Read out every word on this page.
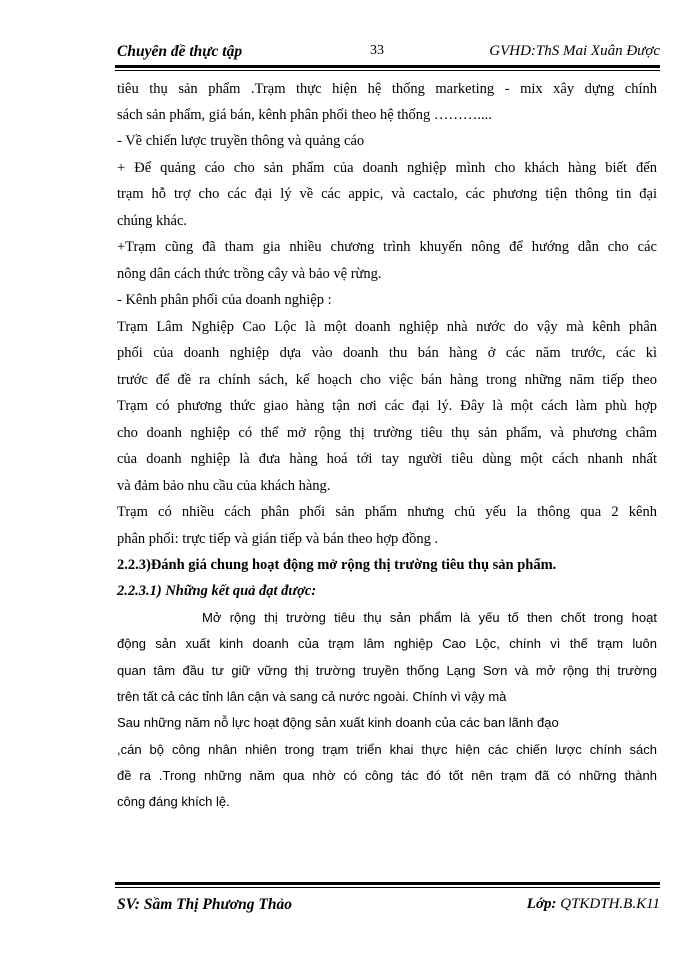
Chuyên đề thực tập	33	GVHD:ThS Mai Xuân Được
tiêu thụ sản phẩm .Trạm thực hiện hệ thống marketing - mix xây dựng chính
sách sản phẩm, giá bán, kênh phân phối theo hệ thống ………....
- Về chiến lược truyền thông và quảng cáo
+ Để quảng cáo cho sản phẩm của doanh nghiệp mình cho khách hàng biết đến
trạm hỗ trợ cho các đại lý về các appic, và cactalo, các phương tiện thông tin đại
chúng khác.
+Trạm cũng đã tham gia nhiều chương trình khuyến nông để hướng dẫn cho các
nông dân cách thức trồng cây và bảo vệ rừng.
- Kênh phân phối của doanh nghiệp :
Trạm Lâm Nghiệp Cao Lộc là một doanh nghiệp nhà nước do vậy mà kênh phân
phối của doanh nghiệp dựa vào doanh thu bán hàng ở các năm trước, các kì
trước để đề ra chính sách, kế hoạch cho việc bán hàng trong những năm tiếp theo
Trạm có phương thức giao hàng tận nơi các đại lý. Đây là một cách làm phù hợp
cho doanh nghiệp có thể mở rộng thị trường tiêu thụ sản phẩm, và phương châm
của doanh nghiệp là đưa hàng hoá tới tay người tiêu dùng một cách nhanh nhất
và đảm bảo nhu cầu của khách hàng.
Trạm có nhiều cách phân phối sản phẩm nhưng chủ yếu la thông qua 2 kênh
phân phối: trực tiếp và gián tiếp và bán theo hợp đồng .
2.2.3)Đánh giá chung hoạt động mở rộng thị trường tiêu thụ sản phẩm.
2.2.3.1) Những kết quả đạt được:
Mở rộng thị trường tiêu thụ sản phẩm là yếu tố then chốt trong hoạt
động sản xuất kinh doanh của trạm lâm nghiệp Cao Lộc, chính vì thế trạm luôn
quan tâm đầu tư giữ vững thị trường truyền thống Lạng Sơn và mở rộng thị trường
trên tất cả các tỉnh lân cận và sang cả nước ngoài. Chính vì vậy mà
Sau những năm nỗ lực hoạt động sản xuất kinh doanh của các ban lãnh đạo
,cán bộ công nhân nhiên trong trạm triển khai thực hiện các chiến lược chính sách
đề ra .Trong những năm qua nhờ có công tác đó tốt nên trạm đã có những thành
công đáng khích lệ.
SV: Sầm Thị Phương Thảo	Lớp: QTKDTH.B.K11
